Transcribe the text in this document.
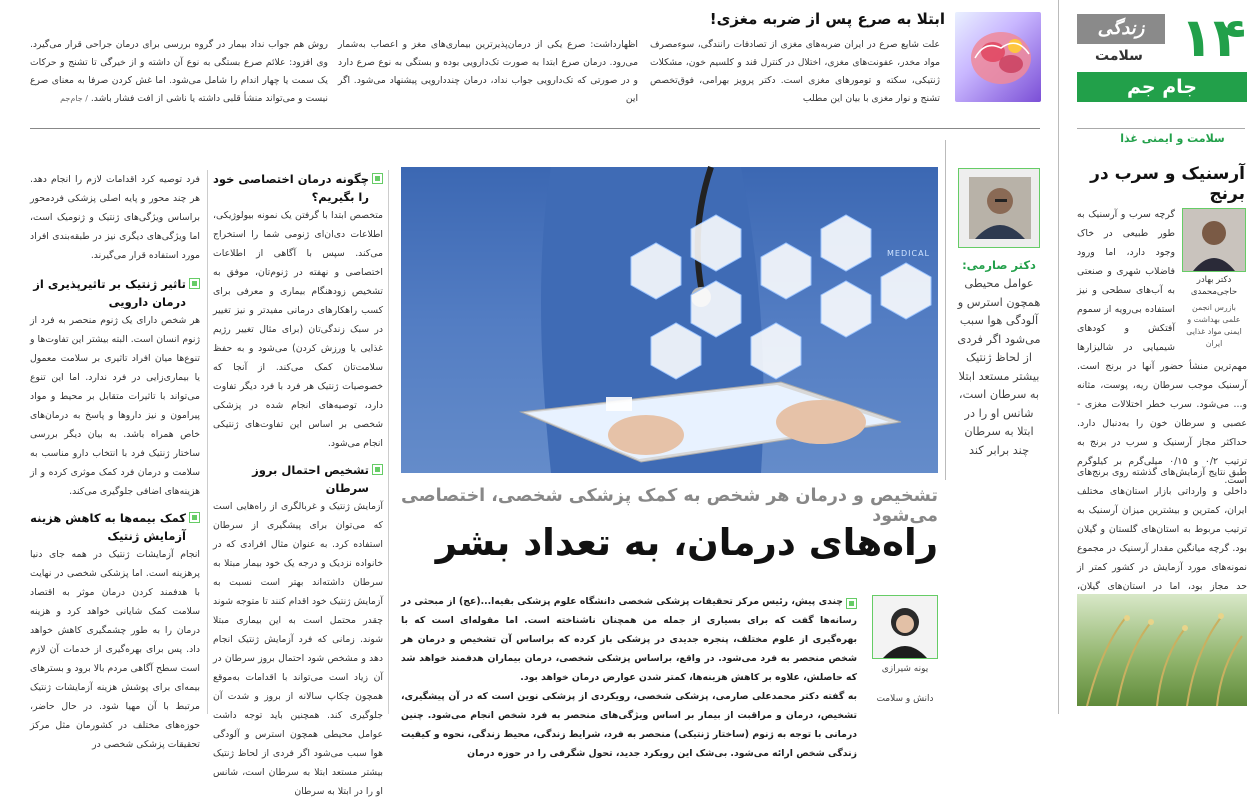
ابتلا به صرع پس از ضربه مغزی!

علت شایع صرع در ایران ضربه‌های مغزی از تصادفات رانندگی، سوء‌مصرف مواد مخدر، عفونت‌های مغزی، اختلال در کنترل قند و کلسیم خون، مشکلات ژنتیکی، سکته و تومورهای مغزی است. دکتر پرویز بهرامی، فوق‌تخصص تشنج و نوار مغزی با بیان این مطلب

اظهارداشت: صرع یکی از درمان‌پذیرترین بیماری‌های مغز و اعصاب به‌شمار می‌رود. درمان صرع ابتدا به صورت تک‌دارویی بوده و بستگی به نوع صرع دارد و در صورتی که تک‌دارویی جواب نداد، درمان چنددارویی پیشنهاد می‌شود. اگر این

روش هم جواب نداد بیمار در گروه بررسی برای درمان جراحی قرار می‌گیرد. وی افزود: علائم صرع بستگی به نوع آن داشته و از خیرگی تا تشنج و حرکات یک سمت یا چهار اندام را شامل می‌شود. اما غش کردن صرفا به معنای صرع نیست و می‌تواند منشأ قلبی داشته یا ناشی از افت فشار باشد. / جام‌جم

۱۴
زندگی
سلامت
جام جم
سلامت و ایمنی غذا
آرسنیک و سرب در برنج
دکتر بهادر حاجی‌محمدی
بازرس انجمن علمی بهداشت و ایمنی مواد غذایی ایران

گرچه سرب و آرسنیک به طور طبیعی در خاک وجود دارد، اما ورود فاضلاب شهری و صنعتی به آب‌های سطحی و نیز استفاده بی‌رویه از سموم آفتکش و کودهای شیمیایی در شالیزارها مهم‌ترین منشأ حضور آنها در برنج است. آرسنیک موجب سرطان ریه، پوست، مثانه و... می‌شود. سرب خطر اختلالات مغزی - عصبی و سرطان خون را به‌دنبال دارد. حداکثر مجاز آرسنیک و سرب در برنج به ترتیب ۰/۲ و ۰/۱۵ میلی‌گرم بر کیلوگرم است.

طبق نتایج آزمایش‌های گذشته روی برنج‌های داخلی و وارداتی بازار استان‌های مختلف ایران، کمترین و بیشترین میزان آرسنیک به ترتیب مربوط به استان‌های گلستان و گیلان بود. گرچه میانگین مقدار آرسنیک در مجموع نمونه‌های مورد آزمایش در کشور کمتر از حد مجاز بود، اما در استان‌های گیلان،

دکتر صارمی:
عوامل محیطی همچون استرس و آلودگی هوا سبب می‌شود اگر فردی از لحاظ ژنتیک بیشتر مستعد ابتلا به سرطان است، شانس او را در ابتلا به سرطان چند برابر کند
MEDICAL
تشخیص و درمان هر شخص به کمک پزشکی شخصی، اختصاصی می‌شود
راه‌های درمان، به تعداد بشر
یونه شیرازی
دانش و سلامت

چندی پیش، رئیس مرکز تحقیقات پزشکی شخصی دانشگاه علوم پزشکی بقیه‌ا...(عج) از مبحثی در رسانه‌ها گفت که برای بسیاری از جمله من همچنان ناشناخته است. اما مقوله‌ای است که با بهره‌گیری از علوم مختلف، پنجره جدیدی در پزشکی باز کرده که براساس آن تشخیص و درمان هر شخص منحصر به فرد می‌شود. در واقع، براساس پزشکی شخصی، درمان بیماران هدفمند خواهد شد که حاصلش، علاوه بر کاهش هزینه‌ها، کمتر شدن عوارض درمان خواهد بود.

به گفته دکتر محمدعلی صارمی، پزشکی شخصی، رویکردی از پزشکی نوین است که در آن پیشگیری، تشخیص، درمان و مراقبت از بیمار بر اساس ویژگی‌های منحصر به فرد شخص انجام می‌شود. چنین درمانی با توجه به ژنوم (ساختار ژنتیکی) منحصر به فرد، شرایط زندگی، محیط زندگی، نحوه و کیفیت زندگی شخص ارائه می‌شود. بی‌شک این رویکرد جدید، تحول شگرفی را در حوزه درمان

چگونه درمان اختصاصی خود را بگیریم؟

متخصص ابتدا با گرفتن یک نمونه بیولوژیکی، اطلاعات دی‌ان‌ای ژنومی شما را استخراج می‌کند. سپس با آگاهی از اطلاعات اختصاصی و نهفته در ژنوم‌تان، موفق به تشخیص زودهنگام بیماری و معرفی برای کسب راهکارهای درمانی مفیدتر و نیز تغییر در سبک زندگی‌تان (برای مثال تغییر رژیم غذایی یا ورزش کردن) می‌شود و به حفظ سلامت‌تان کمک می‌کند. از آنجا که خصوصیات ژنتیک هر فرد با فرد دیگر تفاوت دارد، توصیه‌های انجام شده در پزشکی شخصی بر اساس این تفاوت‌های ژنتیکی انجام می‌شود.

تشخیص احتمال بروز سرطان

آزمایش ژنتیک و غربالگری از راه‌هایی است که می‌توان برای پیشگیری از سرطان استفاده کرد. به عنوان مثال افرادی که در خانواده نزدیک و درجه یک خود بیمار مبتلا به سرطان داشته‌اند بهتر است نسبت به آزمایش ژنتیک خود اقدام کنند تا متوجه شوند چقدر محتمل است به این بیماری مبتلا شوند. زمانی که فرد آزمایش ژنتیک انجام دهد و مشخص شود احتمال بروز سرطان در آن زیاد است می‌تواند با اقدامات به‌موقع همچون چکاپ سالانه از بروز و شدت آن جلوگیری کند. همچنین باید توجه داشت عوامل محیطی همچون استرس و آلودگی هوا سبب می‌شود اگر فردی از لحاظ ژنتیک بیشتر مستعد ابتلا به سرطان است، شانس او را در ابتلا به سرطان

فرد توصیه کرد اقدامات لازم را انجام دهد. هر چند محور و پایه اصلی پزشکی فردمحور براساس ویژگی‌های ژنتیک و ژنومیک است، اما ویژگی‌های دیگری نیز در طبقه‌بندی افراد مورد استفاده قرار می‌گیرند.

تاثیر ژنتیک بر تاثیرپذیری از درمان دارویی

هر شخص دارای یک ژنوم منحصر به فرد از ژنوم انسان است. البته بیشتر این تفاوت‌ها و تنوع‌ها میان افراد تاثیری بر سلامت معمول یا بیماری‌زایی در فرد ندارد. اما این تنوع می‌تواند با تاثیرات متقابل بر محیط و مواد پیرامون و نیز داروها و پاسخ به درمان‌های خاص همراه باشد. به بیان دیگر بررسی ساختار ژنتیک فرد با انتخاب دارو مناسب به سلامت و درمان فرد کمک موثری کرده و از هزینه‌های اضافی جلوگیری می‌کند.

کمک بیمه‌ها به کاهش هزینه آزمایش ژنتیک

انجام آزمایشات ژنتیک در همه جای دنیا پرهزینه است. اما پزشکی شخصی در نهایت با هدفمند کردن درمان موثر به اقتصاد سلامت کمک شایانی خواهد کرد و هزینه درمان را به طور چشمگیری کاهش خواهد داد. پس برای بهره‌گیری از خدمات آن لازم است سطح آگاهی مردم بالا برود و بسترهای بیمه‌ای برای پوشش هزینه آزمایشات ژنتیک مرتبط با آن مهیا شود. در حال حاضر، حوزه‌های مختلف در کشورمان مثل مرکز تحقیقات پزشکی شخصی در
